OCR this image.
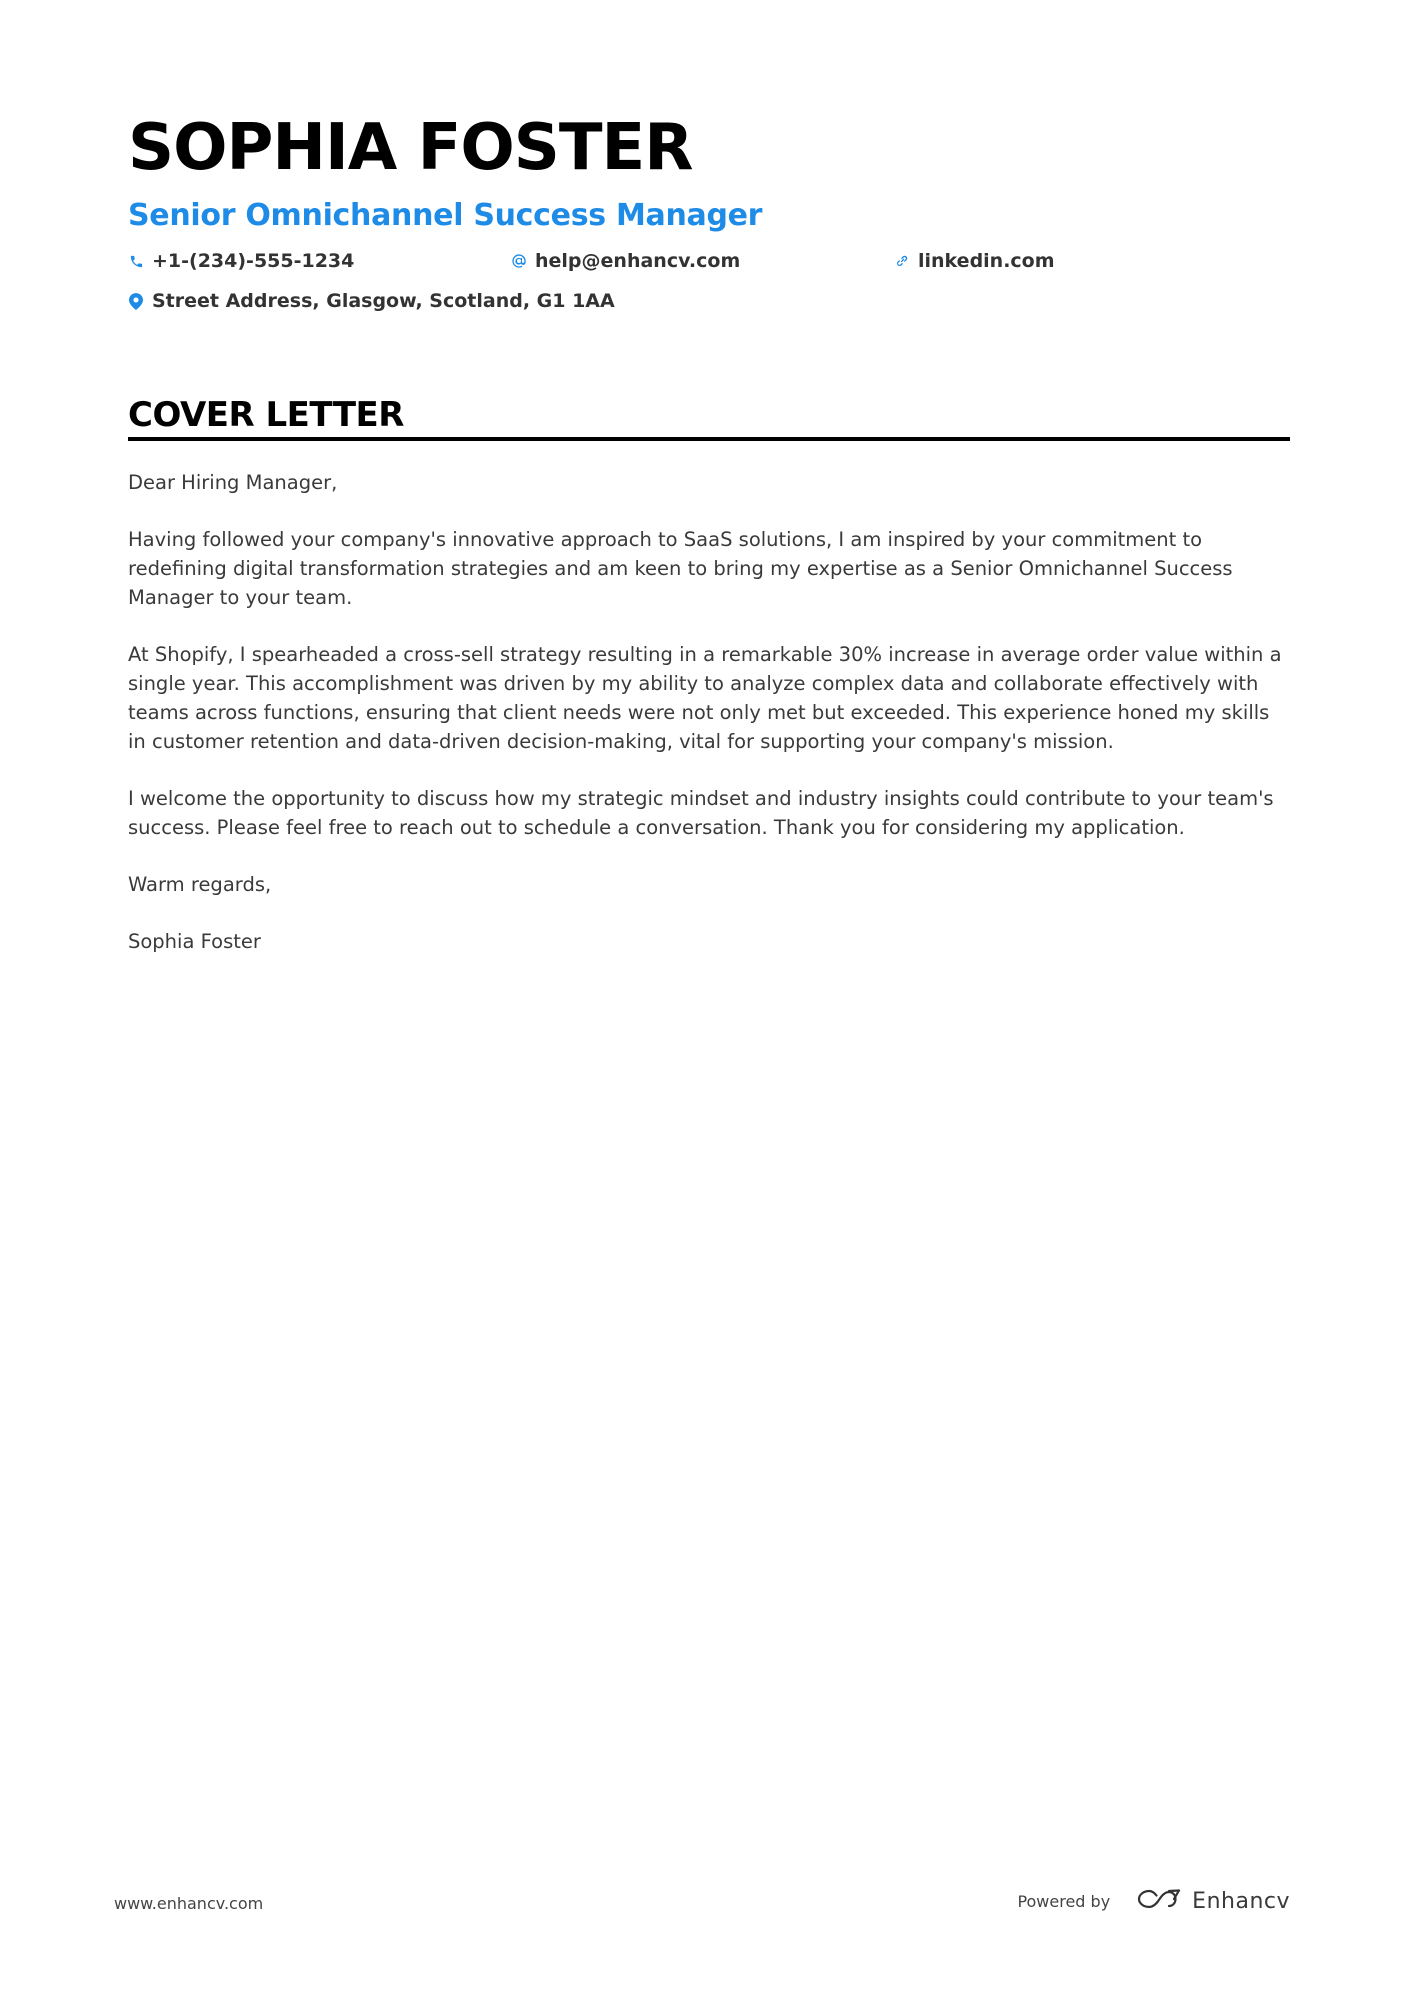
SOPHIA FOSTER
Senior Omnichannel Success Manager
+1-(234)-555-1234	help@enhancv.com	linkedin.com
Street Address, Glasgow, Scotland, G1 1AA
COVER LETTER

Dear Hiring Manager,

Having followed your company's innovative approach to SaaS solutions, I am inspired by your commitment to redefining digital transformation strategies and am keen to bring my expertise as a Senior Omnichannel Success Manager to your team.

At Shopify, I spearheaded a cross-sell strategy resulting in a remarkable 30% increase in average order value within a single year. This accomplishment was driven by my ability to analyze complex data and collaborate effectively with teams across functions, ensuring that client needs were not only met but exceeded. This experience honed my skills in customer retention and data-driven decision-making, vital for supporting your company's mission.

I welcome the opportunity to discuss how my strategic mindset and industry insights could contribute to your team's success. Please feel free to reach out to schedule a conversation. Thank you for considering my application.

Warm regards,

Sophia Foster

www.enhancv.com	Powered by	Enhancv
